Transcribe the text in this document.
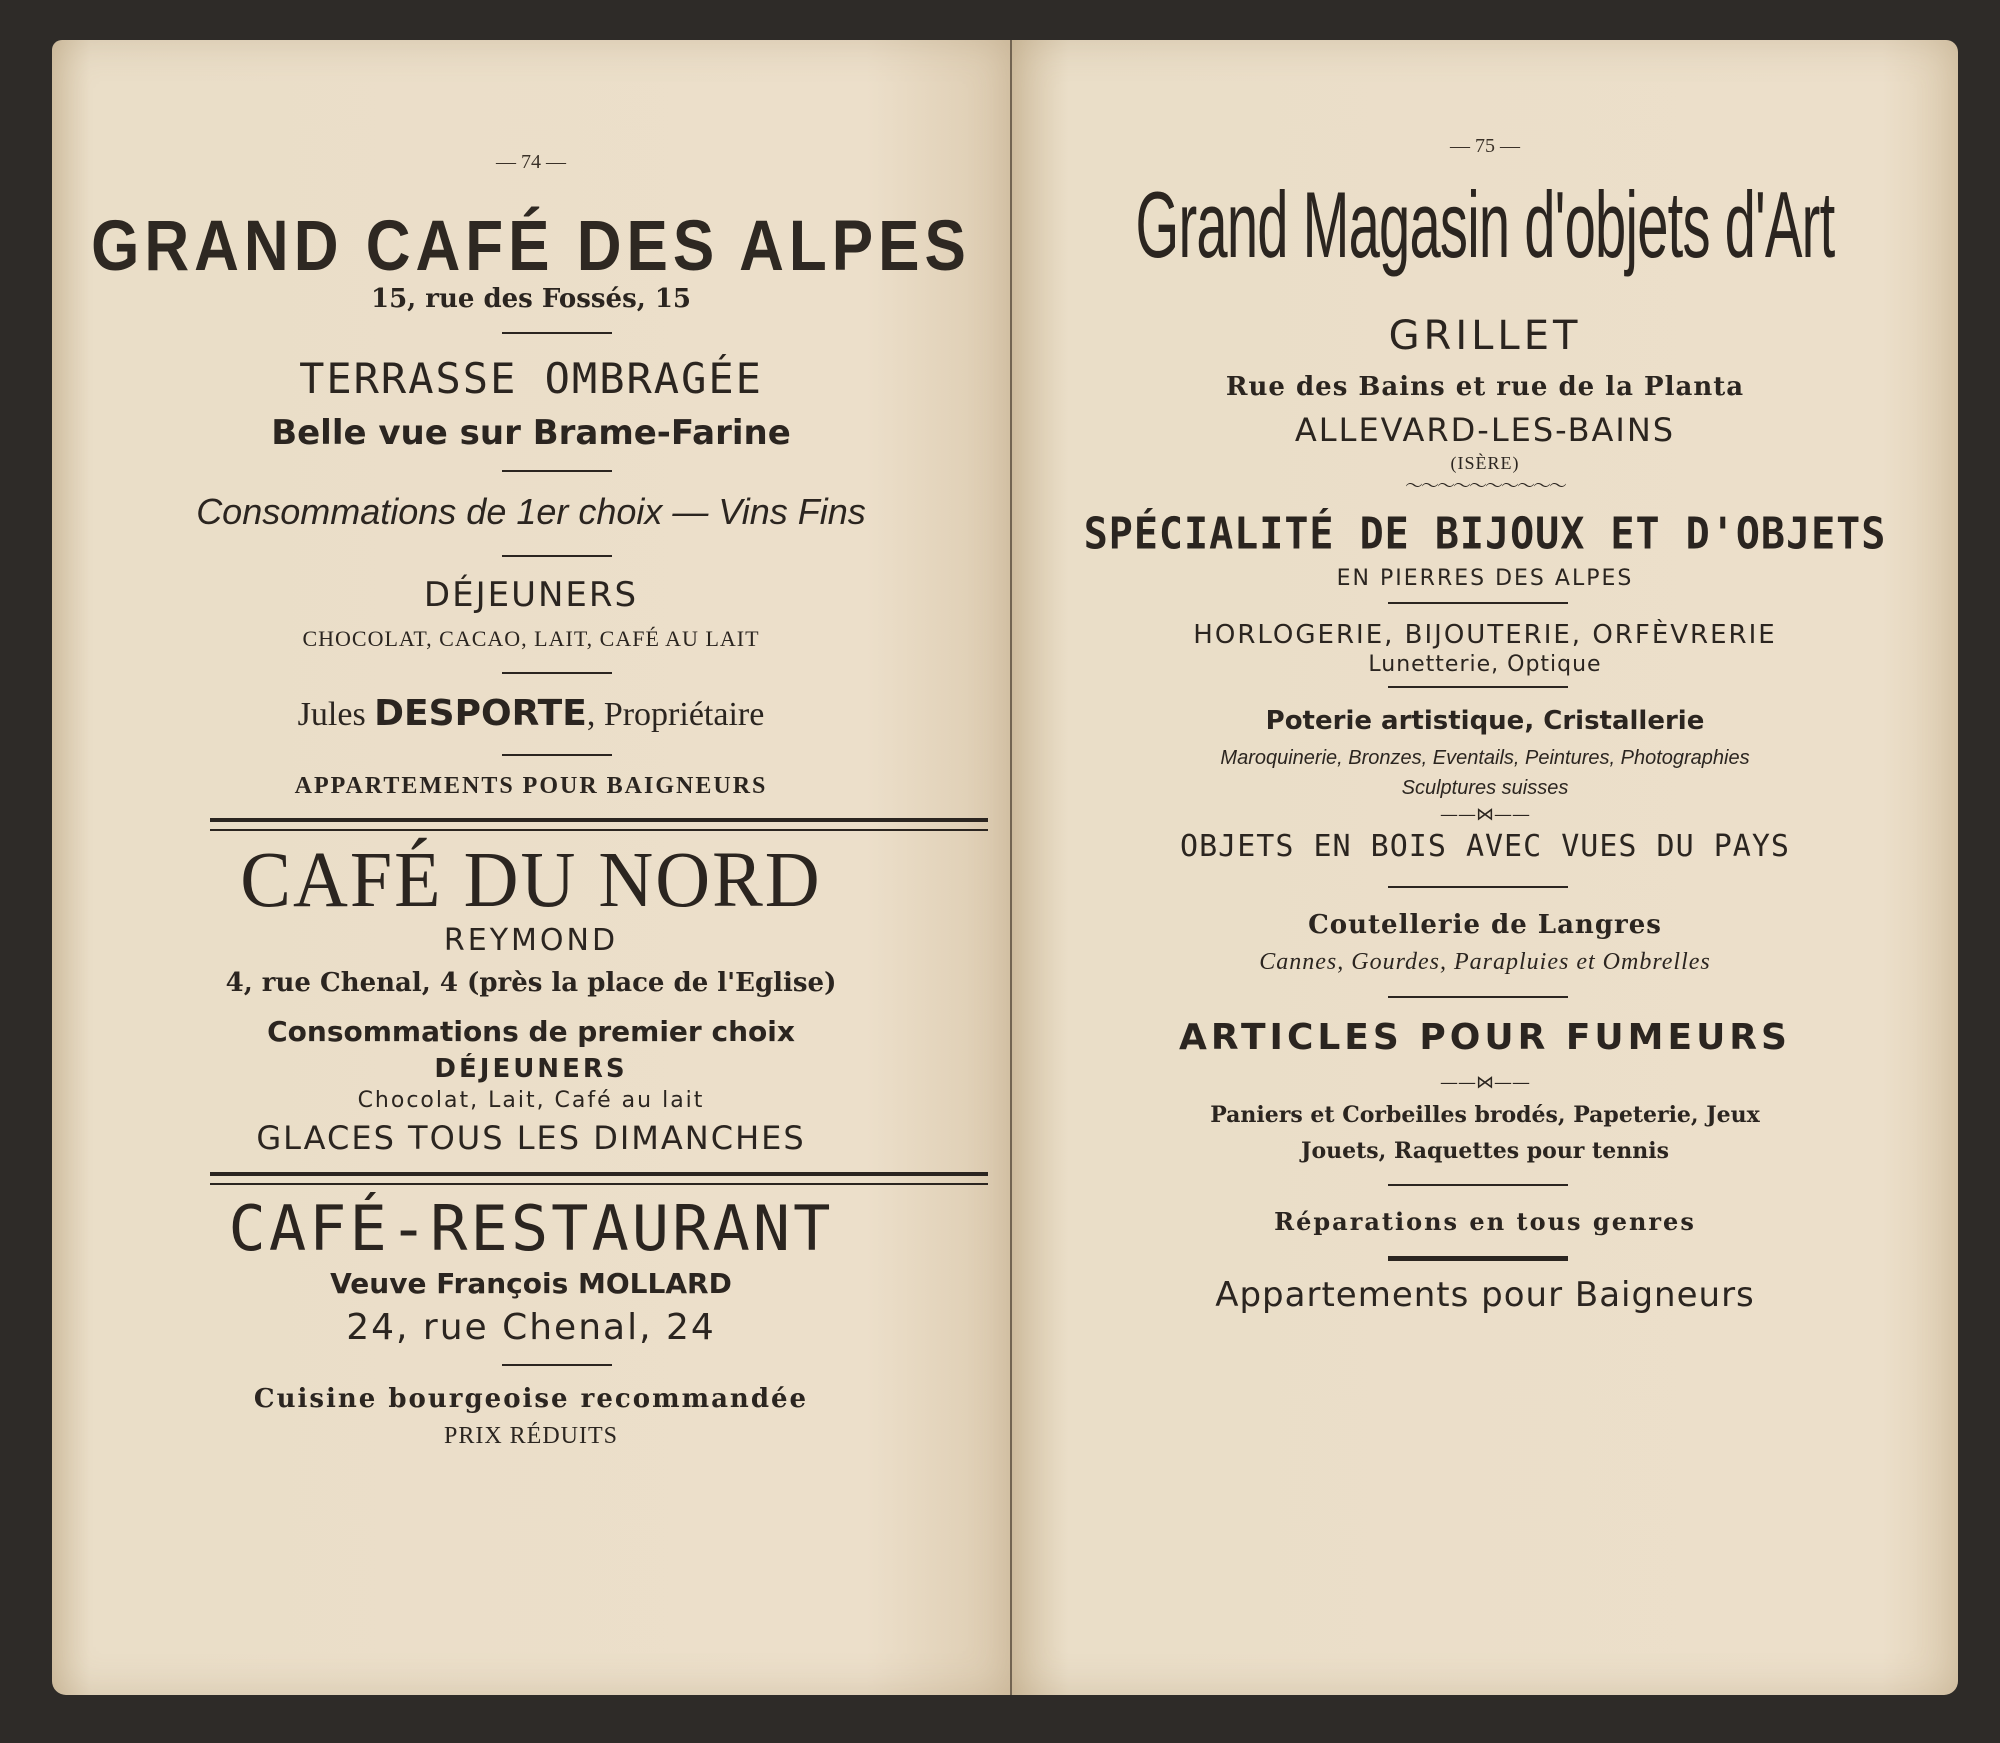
— 74 —
GRAND CAFÉ DES ALPES
15, rue des Fossés, 15
TERRASSE OMBRAGÉE
Belle vue sur Brame-Farine
Consommations de 1er choix — Vins Fins
DÉJEUNERS
CHOCOLAT, CACAO, LAIT, CAFÉ AU LAIT
Jules DESPORTE, Propriétaire
APPARTEMENTS POUR BAIGNEURS
CAFÉ DU NORD
REYMOND
4, rue Chenal, 4 (près la place de l'Eglise)
Consommations de premier choix
DÉJEUNERS
Chocolat, Lait, Café au lait
GLACES TOUS LES DIMANCHES
CAFÉ-RESTAURANT
Veuve François MOLLARD
24, rue Chenal, 24
Cuisine bourgeoise recommandée
PRIX RÉDUITS
— 75 —
Grand Magasin d'objets d'Art
GRILLET
Rue des Bains et rue de la Planta
ALLEVARD-LES-BAINS
(ISÈRE)
～～～～～～～～～～
SPÉCIALITÉ DE BIJOUX ET D'OBJETS
EN PIERRES DES ALPES
HORLOGERIE, BIJOUTERIE, ORFÈVRERIE
Lunetterie, Optique
Poterie artistique, Cristallerie
Maroquinerie, Bronzes, Eventails, Peintures, Photographies
Sculptures suisses
——⋈——
OBJETS EN BOIS AVEC VUES DU PAYS
Coutellerie de Langres
Cannes, Gourdes, Parapluies et Ombrelles
ARTICLES POUR FUMEURS
——⋈——
Paniers et Corbeilles brodés, Papeterie, Jeux
Jouets, Raquettes pour tennis
Réparations en tous genres
Appartements pour Baigneurs
